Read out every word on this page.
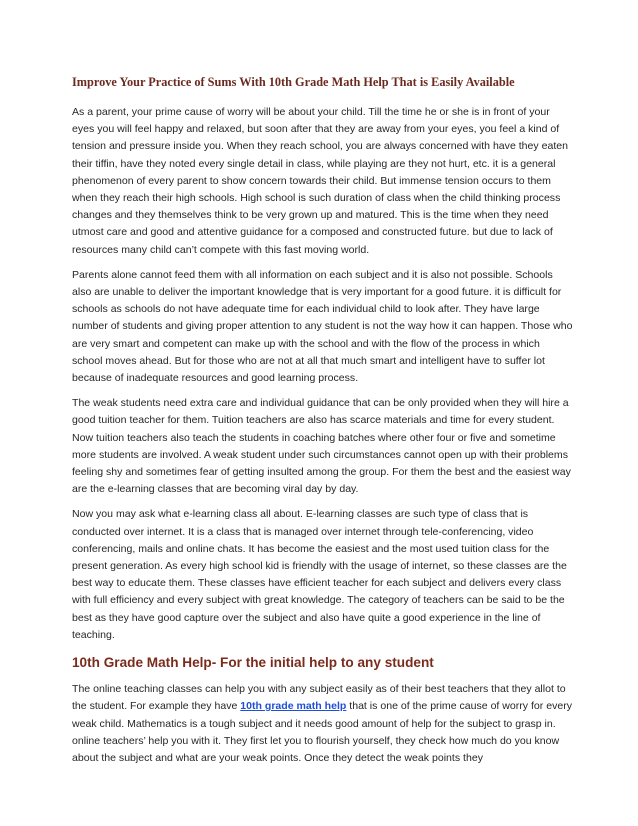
Improve Your Practice of Sums With 10th Grade Math Help That is Easily Available

As a parent, your prime cause of worry will be about your child. Till the time he or she is in front of your eyes you will feel happy and relaxed, but soon after that they are away from your eyes, you feel a kind of tension and pressure inside you. When they reach school, you are always concerned with have they eaten their tiffin, have they noted every single detail in class, while playing are they not hurt, etc. it is a general phenomenon of every parent to show concern towards their child. But immense tension occurs to them when they reach their high schools. High school is such duration of class when the child thinking process changes and they themselves think to be very grown up and matured. This is the time when they need utmost care and good and attentive guidance for a composed and constructed future. but due to lack of resources many child can’t compete with this fast moving world.

Parents alone cannot feed them with all information on each subject and it is also not possible. Schools also are unable to deliver the important knowledge that is very important for a good future. it is difficult for schools as schools do not have adequate time for each individual child to look after. They have large number of students and giving proper attention to any student is not the way how it can happen. Those who are very smart and competent can make up with the school and with the flow of the process in which school moves ahead. But for those who are not at all that much smart and intelligent have to suffer lot because of inadequate resources and good learning process.

The weak students need extra care and individual guidance that can be only provided when they will hire a good tuition teacher for them. Tuition teachers are also has scarce materials and time for every student. Now tuition teachers also teach the students in coaching batches where other four or five and sometime more students are involved. A weak student under such circumstances cannot open up with their problems feeling shy and sometimes fear of getting insulted among the group. For them the best and the easiest way are the e-learning classes that are becoming viral day by day.

Now you may ask what e-learning class all about. E-learning classes are such type of class that is conducted over internet. It is a class that is managed over internet through tele-conferencing, video conferencing, mails and online chats. It has become the easiest and the most used tuition class for the present generation. As every high school kid is friendly with the usage of internet, so these classes are the best way to educate them. These classes have efficient teacher for each subject and delivers every class with full efficiency and every subject with great knowledge. The category of teachers can be said to be the best as they have good capture over the subject and also have quite a good experience in the line of teaching.

10th Grade Math Help- For the initial help to any student

The online teaching classes can help you with any subject easily as of their best teachers that they allot to the student. For example they have 10th grade math help that is one of the prime cause of worry for every weak child. Mathematics is a tough subject and it needs good amount of help for the subject to grasp in. online teachers’ help you with it. They first let you to flourish yourself, they check how much do you know about the subject and what are your weak points. Once they detect the weak points they
